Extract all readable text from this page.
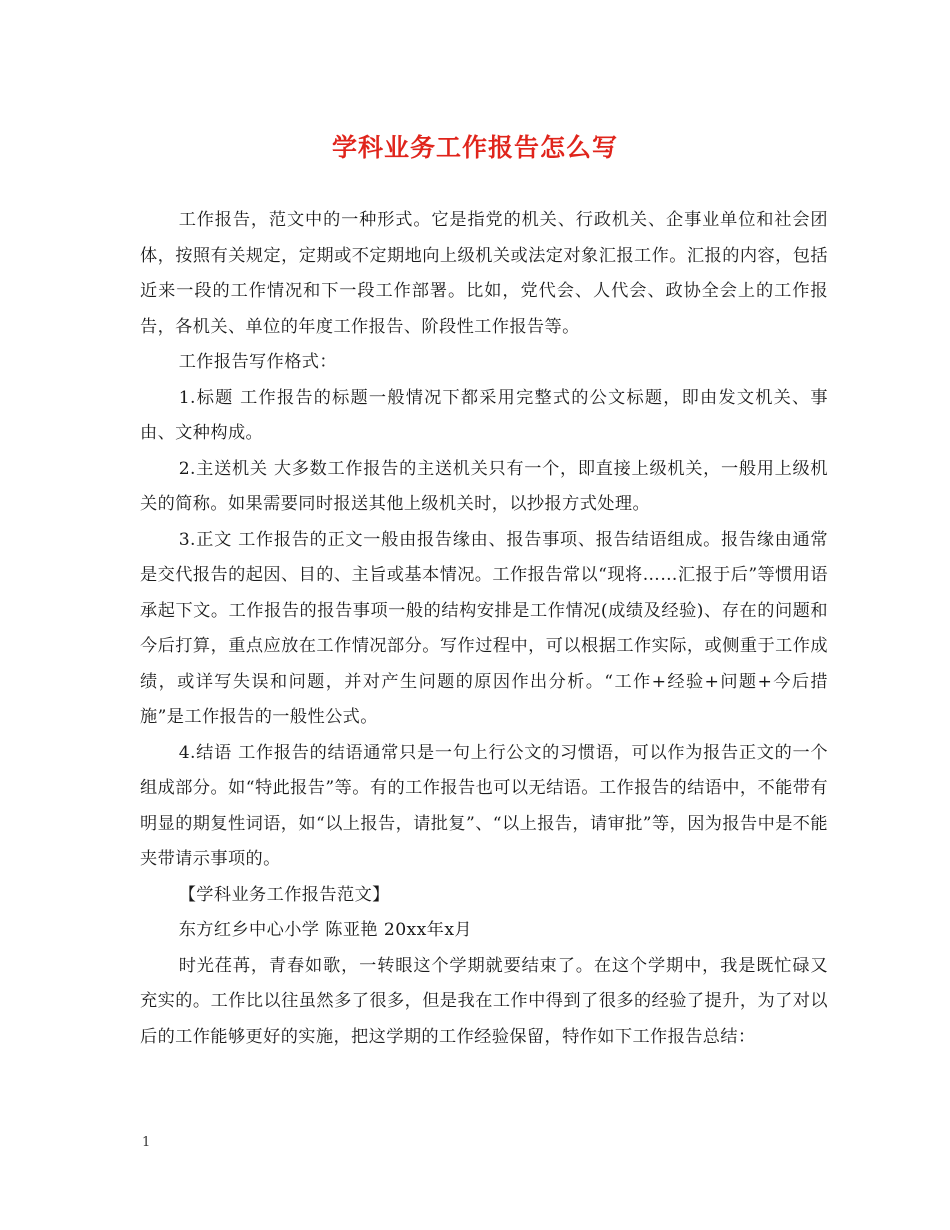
学科业务工作报告怎么写

工作报告，范文中的一种形式。它是指党的机关、行政机关、企事业单位和社会团体，按照有关规定，定期或不定期地向上级机关或法定对象汇报工作。汇报的内容，包括近来一段的工作情况和下一段工作部署。比如，党代会、人代会、政协全会上的工作报告，各机关、单位的年度工作报告、阶段性工作报告等。

工作报告写作格式：

1.标题 工作报告的标题一般情况下都采用完整式的公文标题，即由发文机关、事由、文种构成。

2.主送机关 大多数工作报告的主送机关只有一个，即直接上级机关，一般用上级机关的简称。如果需要同时报送其他上级机关时，以抄报方式处理。

3.正文 工作报告的正文一般由报告缘由、报告事项、报告结语组成。报告缘由通常是交代报告的起因、目的、主旨或基本情况。工作报告常以“现将……汇报于后”等惯用语承起下文。工作报告的报告事项一般的结构安排是工作情况(成绩及经验)、存在的问题和今后打算，重点应放在工作情况部分。写作过程中，可以根据工作实际，或侧重于工作成绩，或详写失误和问题，并对产生问题的原因作出分析。“工作+经验+问题+今后措施”是工作报告的一般性公式。

4.结语 工作报告的结语通常只是一句上行公文的习惯语，可以作为报告正文的一个组成部分。如“特此报告”等。有的工作报告也可以无结语。工作报告的结语中，不能带有明显的期复性词语，如“以上报告，请批复”、“以上报告，请审批”等，因为报告中是不能夹带请示事项的。

【学科业务工作报告范文】

东方红乡中心小学 陈亚艳 20xx年x月

时光荏苒，青春如歌，一转眼这个学期就要结束了。在这个学期中，我是既忙碌又充实的。工作比以往虽然多了很多，但是我在工作中得到了很多的经验了提升，为了对以后的工作能够更好的实施，把这学期的工作经验保留，特作如下工作报告总结：

1
